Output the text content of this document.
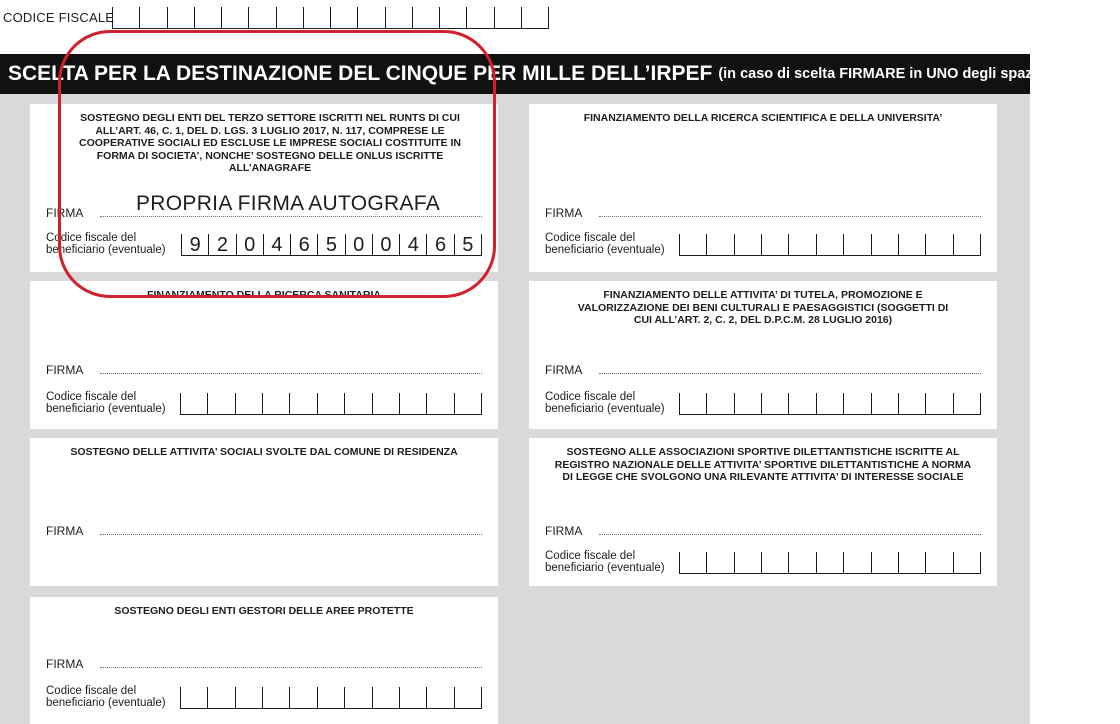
CODICE FISCALE
SCELTA PER LA DESTINAZIONE DEL CINQUE PER MILLE DELL’IRPEF (in caso di scelta FIRMARE in UNO degli spazi sottostanti)
SOSTEGNO DEGLI ENTI DEL TERZO SETTORE ISCRITTI NEL RUNTS DI CUI ALL’ART. 46, C. 1, DEL D. LGS. 3 LUGLIO 2017, N. 117, COMPRESE LE COOPERATIVE SOCIALI ED ESCLUSE LE IMPRESE SOCIALI COSTITUITE IN FORMA DI SOCIETA’, NONCHE’ SOSTEGNO DELLE ONLUS ISCRITTE ALL’ANAGRAFE
FIRMA	PROPRIA FIRMA AUTOGRAFA
Codice fiscale del
beneficiario (eventuale)	9 2 0 4 6 5 0 0 4 6 5
FINANZIAMENTO DELLA RICERCA SCIENTIFICA E DELLA UNIVERSITA’
FIRMA
Codice fiscale del
beneficiario (eventuale)
FINANZIAMENTO DELLA RICERCA SANITARIA
FIRMA
Codice fiscale del
beneficiario (eventuale)
FINANZIAMENTO DELLE ATTIVITA’ DI TUTELA, PROMOZIONE E VALORIZZAZIONE DEI BENI CULTURALI E PAESAGGISTICI (SOGGETTI DI CUI ALL’ART. 2, C. 2, DEL D.P.C.M. 28 LUGLIO 2016)
FIRMA
Codice fiscale del
beneficiario (eventuale)
SOSTEGNO DELLE ATTIVITA’ SOCIALI SVOLTE DAL COMUNE DI RESIDENZA
FIRMA
SOSTEGNO ALLE ASSOCIAZIONI SPORTIVE DILETTANTISTICHE ISCRITTE AL REGISTRO NAZIONALE DELLE ATTIVITA’ SPORTIVE DILETTANTISTICHE A NORMA DI LEGGE CHE SVOLGONO UNA RILEVANTE ATTIVITA’ DI INTERESSE SOCIALE
FIRMA
Codice fiscale del
beneficiario (eventuale)
SOSTEGNO DEGLI ENTI GESTORI DELLE AREE PROTETTE
FIRMA
Codice fiscale del
beneficiario (eventuale)
